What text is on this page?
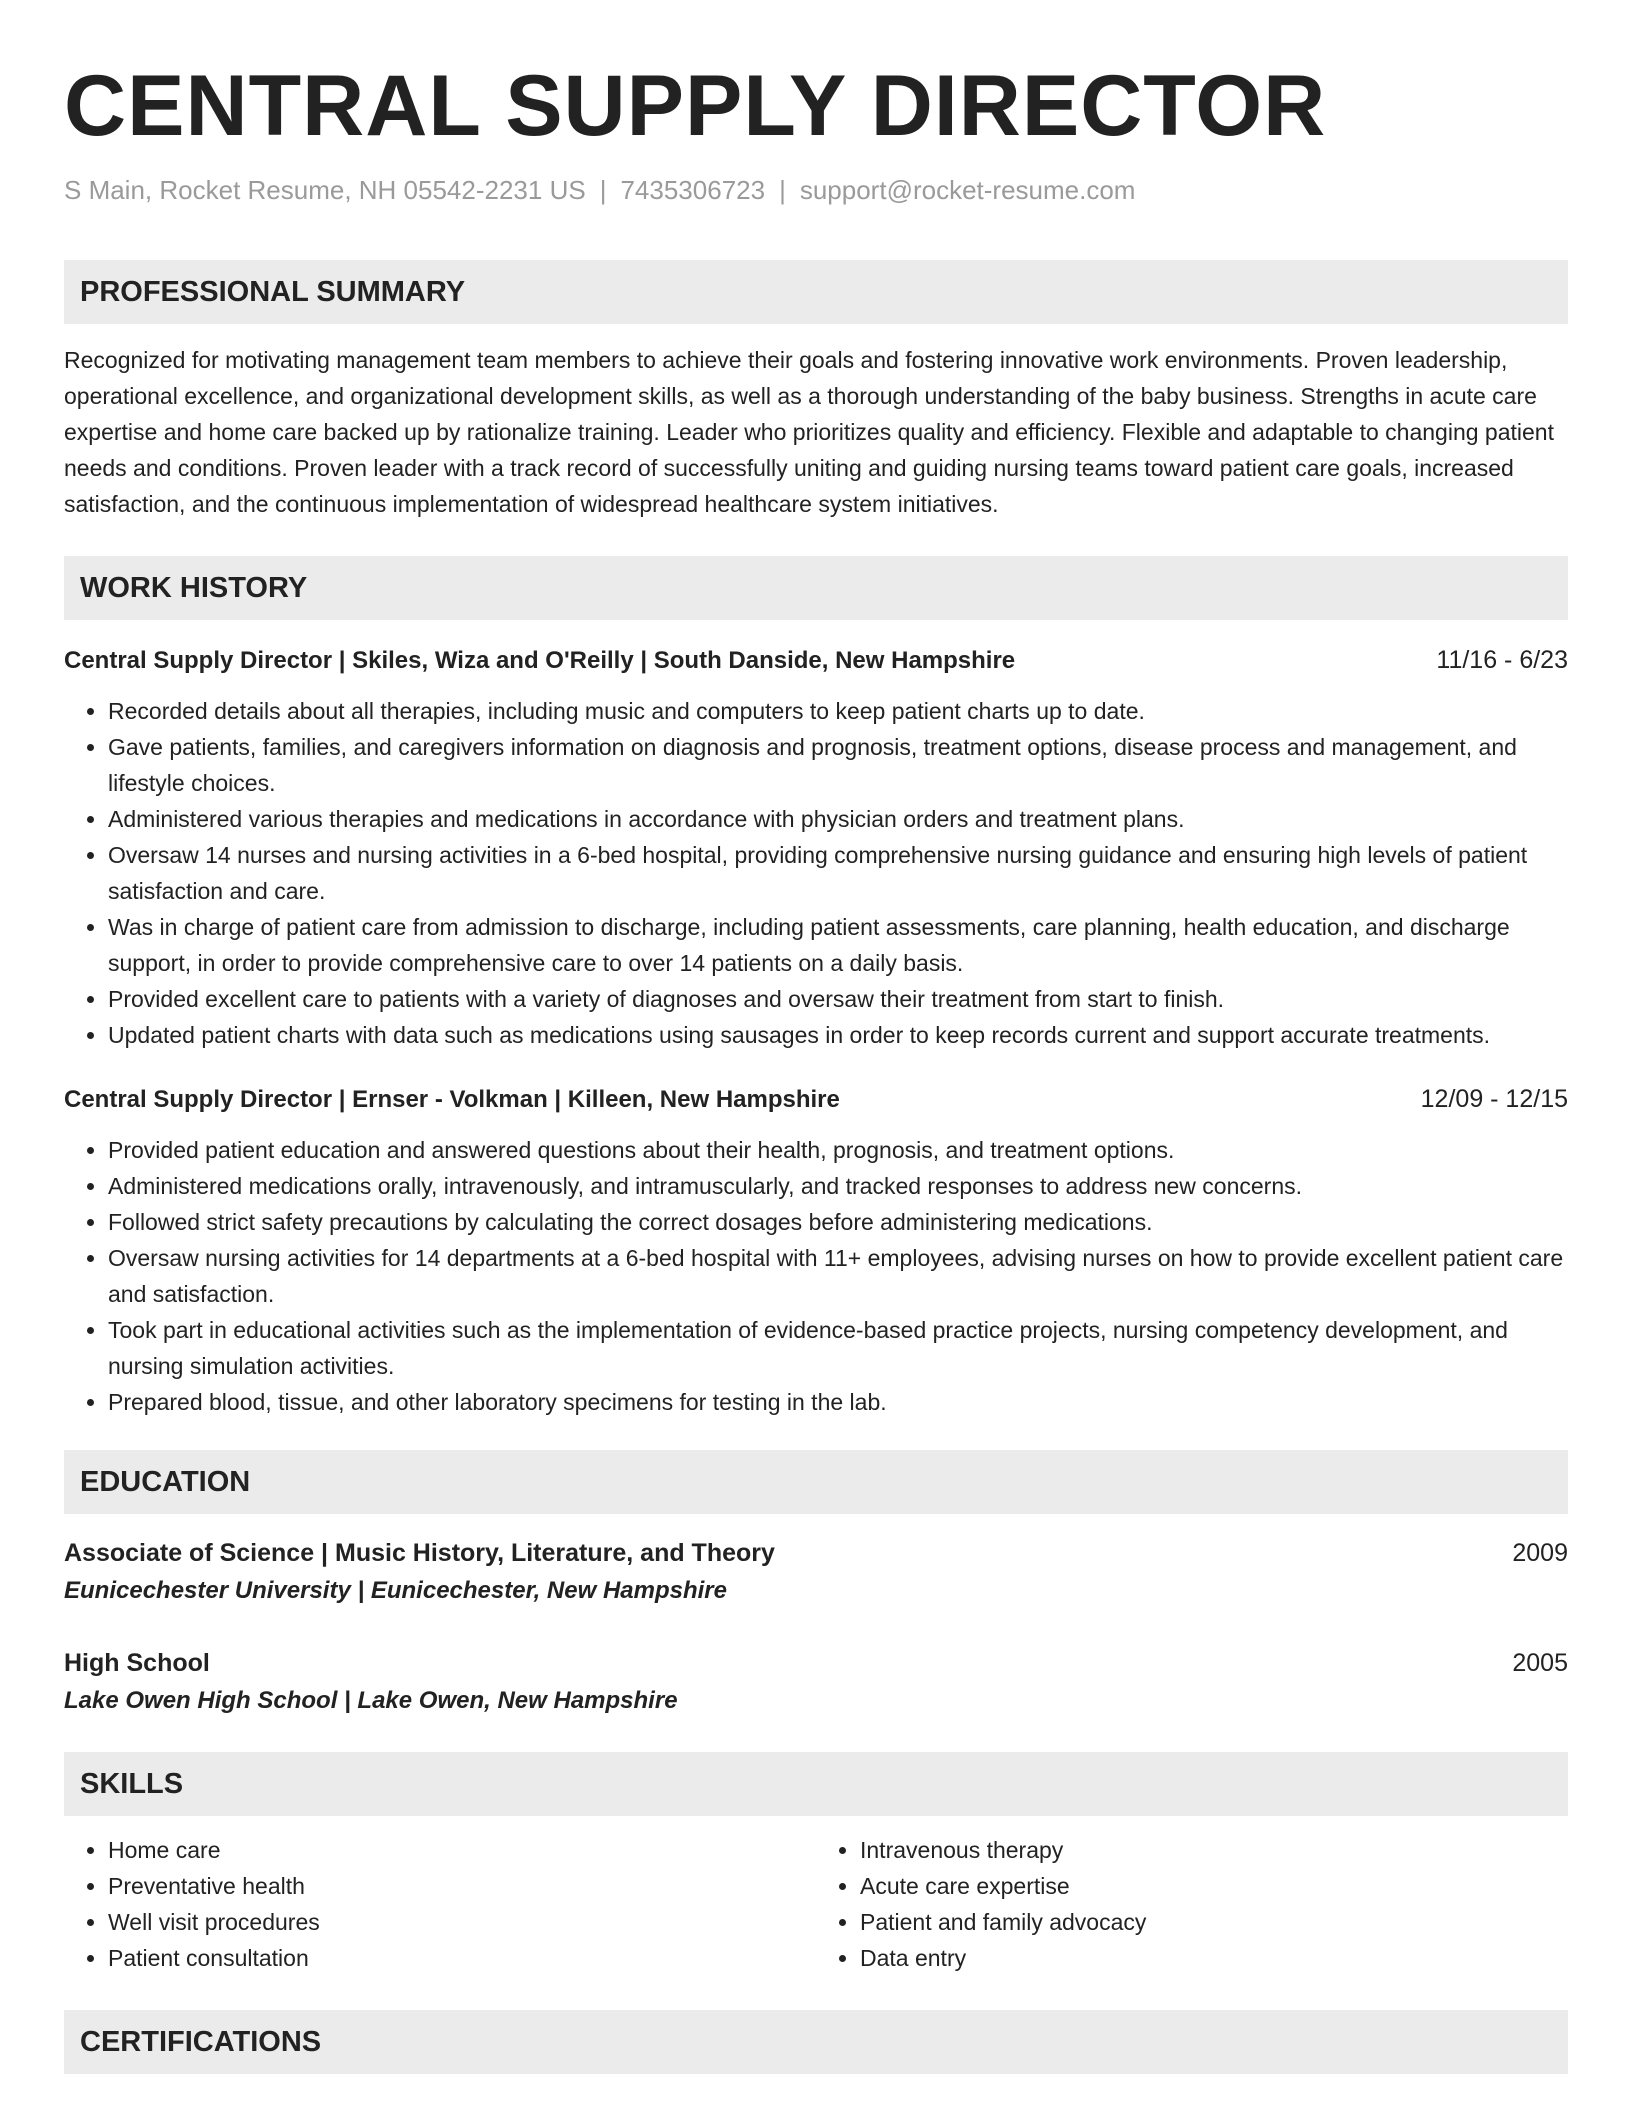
CENTRAL SUPPLY DIRECTOR
S Main, Rocket Resume, NH 05542-2231 US | 7435306723 | support@rocket-resume.com
PROFESSIONAL SUMMARY

Recognized for motivating management team members to achieve their goals and fostering innovative work environments. Proven leadership, operational excellence, and organizational development skills, as well as a thorough understanding of the baby business. Strengths in acute care expertise and home care backed up by rationalize training. Leader who prioritizes quality and efficiency. Flexible and adaptable to changing patient needs and conditions. Proven leader with a track record of successfully uniting and guiding nursing teams toward patient care goals, increased satisfaction, and the continuous implementation of widespread healthcare system initiatives.

WORK HISTORY
Central Supply Director | Skiles, Wiza and O'Reilly | South Danside, New Hampshire	11/16 - 6/23
• Recorded details about all therapies, including music and computers to keep patient charts up to date.
• Gave patients, families, and caregivers information on diagnosis and prognosis, treatment options, disease process and management, and lifestyle choices.
• Administered various therapies and medications in accordance with physician orders and treatment plans.
• Oversaw 14 nurses and nursing activities in a 6-bed hospital, providing comprehensive nursing guidance and ensuring high levels of patient satisfaction and care.
• Was in charge of patient care from admission to discharge, including patient assessments, care planning, health education, and discharge support, in order to provide comprehensive care to over 14 patients on a daily basis.
• Provided excellent care to patients with a variety of diagnoses and oversaw their treatment from start to finish.
• Updated patient charts with data such as medications using sausages in order to keep records current and support accurate treatments.
Central Supply Director | Ernser - Volkman | Killeen, New Hampshire	12/09 - 12/15
• Provided patient education and answered questions about their health, prognosis, and treatment options.
• Administered medications orally, intravenously, and intramuscularly, and tracked responses to address new concerns.
• Followed strict safety precautions by calculating the correct dosages before administering medications.
• Oversaw nursing activities for 14 departments at a 6-bed hospital with 11+ employees, advising nurses on how to provide excellent patient care and satisfaction.
• Took part in educational activities such as the implementation of evidence-based practice projects, nursing competency development, and nursing simulation activities.
• Prepared blood, tissue, and other laboratory specimens for testing in the lab.
EDUCATION
Associate of Science | Music History, Literature, and Theory	2009
Eunicechester University | Eunicechester, New Hampshire
High School	2005
Lake Owen High School | Lake Owen, New Hampshire
SKILLS
• Home care
• Preventative health
• Well visit procedures
• Patient consultation
• Intravenous therapy
• Acute care expertise
• Patient and family advocacy
• Data entry
CERTIFICATIONS
